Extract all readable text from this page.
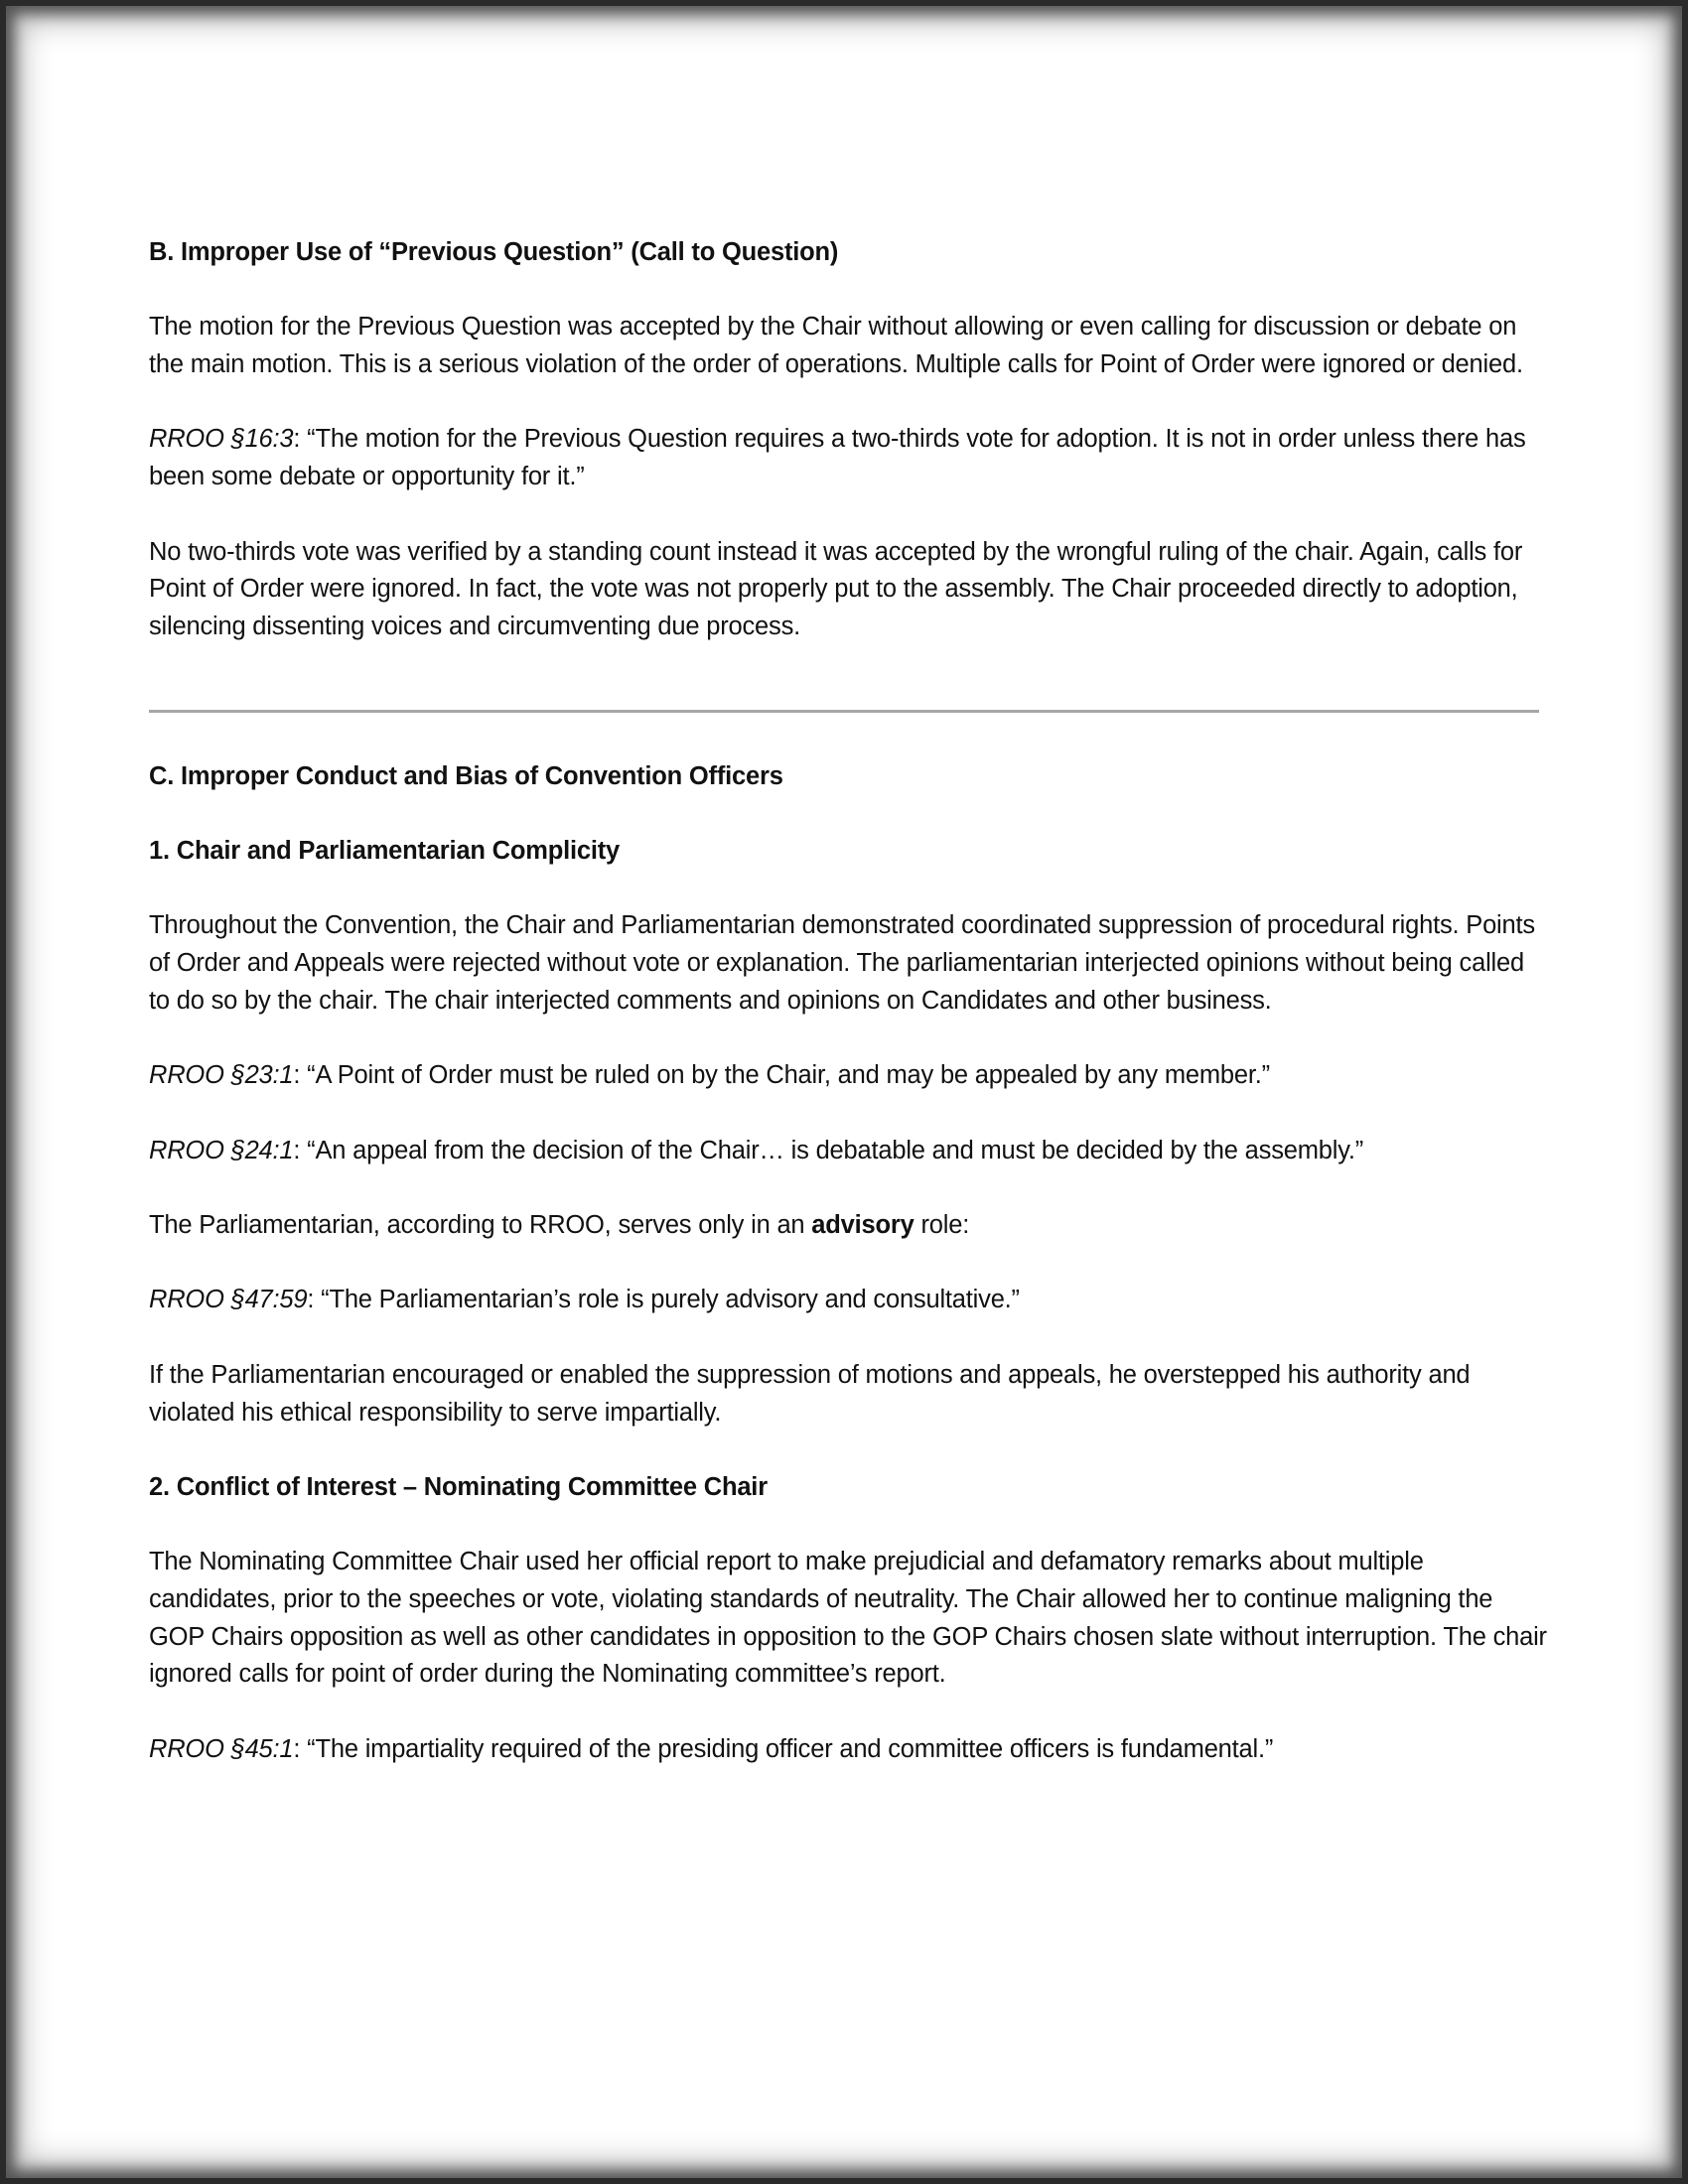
B. Improper Use of “Previous Question” (Call to Question)

The motion for the Previous Question was accepted by the Chair without allowing or even calling for discussion or debate on the main motion. This is a serious violation of the order of operations. Multiple calls for Point of Order were ignored or denied.

RROO §16:3: “The motion for the Previous Question requires a two-thirds vote for adoption. It is not in order unless there has been some debate or opportunity for it.”

No two-thirds vote was verified by a standing count instead it was accepted by the wrongful ruling of the chair. Again, calls for Point of Order were ignored. In fact, the vote was not properly put to the assembly. The Chair proceeded directly to adoption, silencing dissenting voices and circumventing due process.

C. Improper Conduct and Bias of Convention Officers
1. Chair and Parliamentarian Complicity

Throughout the Convention, the Chair and Parliamentarian demonstrated coordinated suppression of procedural rights. Points of Order and Appeals were rejected without vote or explanation. The parliamentarian interjected opinions without being called to do so by the chair. The chair interjected comments and opinions on Candidates and other business.

RROO §23:1: “A Point of Order must be ruled on by the Chair, and may be appealed by any member.”

RROO §24:1: “An appeal from the decision of the Chair… is debatable and must be decided by the assembly.”

The Parliamentarian, according to RROO, serves only in an advisory role:

RROO §47:59: “The Parliamentarian’s role is purely advisory and consultative.”

If the Parliamentarian encouraged or enabled the suppression of motions and appeals, he overstepped his authority and violated his ethical responsibility to serve impartially.

2. Conflict of Interest – Nominating Committee Chair

The Nominating Committee Chair used her official report to make prejudicial and defamatory remarks about multiple candidates, prior to the speeches or vote, violating standards of neutrality. The Chair allowed her to continue maligning the GOP Chairs opposition as well as other candidates in opposition to the GOP Chairs chosen slate without interruption. The chair ignored calls for point of order during the Nominating committee’s report.

RROO §45:1: “The impartiality required of the presiding officer and committee officers is fundamental.”
